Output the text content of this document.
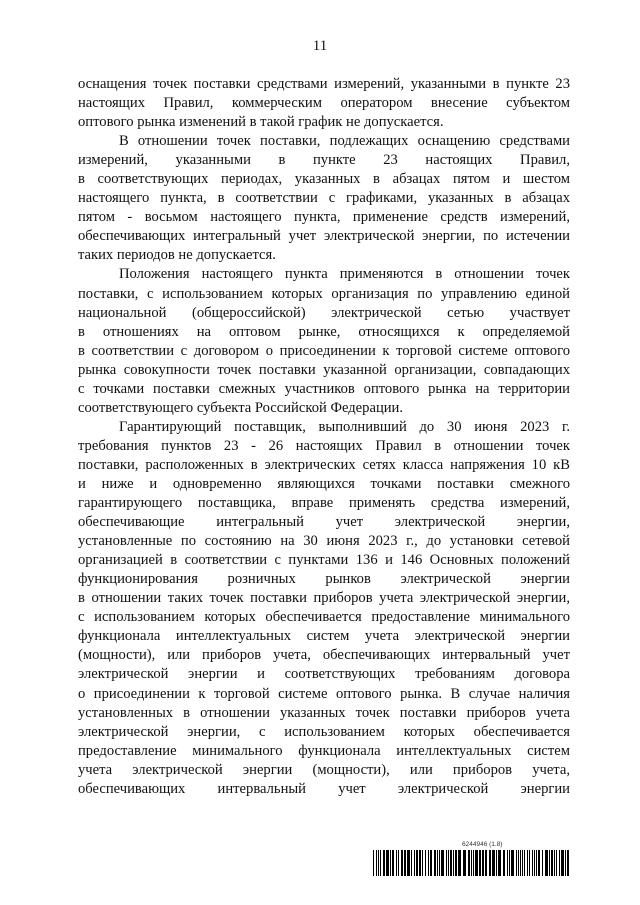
11
оснащения точек поставки средствами измерений, указанными в пункте 23
настоящих Правил, коммерческим оператором внесение субъектом
оптового рынка изменений в такой график не допускается.
В отношении точек поставки, подлежащих оснащению средствами
измерений, указанными в пункте 23 настоящих Правил,
в соответствующих периодах, указанных в абзацах пятом и шестом
настоящего пункта, в соответствии с графиками, указанных в абзацах
пятом - восьмом настоящего пункта, применение средств измерений,
обеспечивающих интегральный учет электрической энергии, по истечении
таких периодов не допускается.
Положения настоящего пункта применяются в отношении точек
поставки, с использованием которых организация по управлению единой
национальной (общероссийской) электрической сетью участвует
в отношениях на оптовом рынке, относящихся к определяемой
в соответствии с договором о присоединении к торговой системе оптового
рынка совокупности точек поставки указанной организации, совпадающих
с точками поставки смежных участников оптового рынка на территории
соответствующего субъекта Российской Федерации.
Гарантирующий поставщик, выполнивший до 30 июня 2023 г.
требования пунктов 23 - 26 настоящих Правил в отношении точек
поставки, расположенных в электрических сетях класса напряжения 10 кВ
и ниже и одновременно являющихся точками поставки смежного
гарантирующего поставщика, вправе применять средства измерений,
обеспечивающие интегральный учет электрической энергии,
установленные по состоянию на 30 июня 2023 г., до установки сетевой
организацией в соответствии с пунктами 136 и 146 Основных положений
функционирования розничных рынков электрической энергии
в отношении таких точек поставки приборов учета электрической энергии,
с использованием которых обеспечивается предоставление минимального
функционала интеллектуальных систем учета электрической энергии
(мощности), или приборов учета, обеспечивающих интервальный учет
электрической энергии и соответствующих требованиям договора
о присоединении к торговой системе оптового рынка. В случае наличия
установленных в отношении указанных точек поставки приборов учета
электрической энергии, с использованием которых обеспечивается
предоставление минимального функционала интеллектуальных систем
учета электрической энергии (мощности), или приборов учета,
обеспечивающих интервальный учет электрической энергии
6244946 (1.8)
